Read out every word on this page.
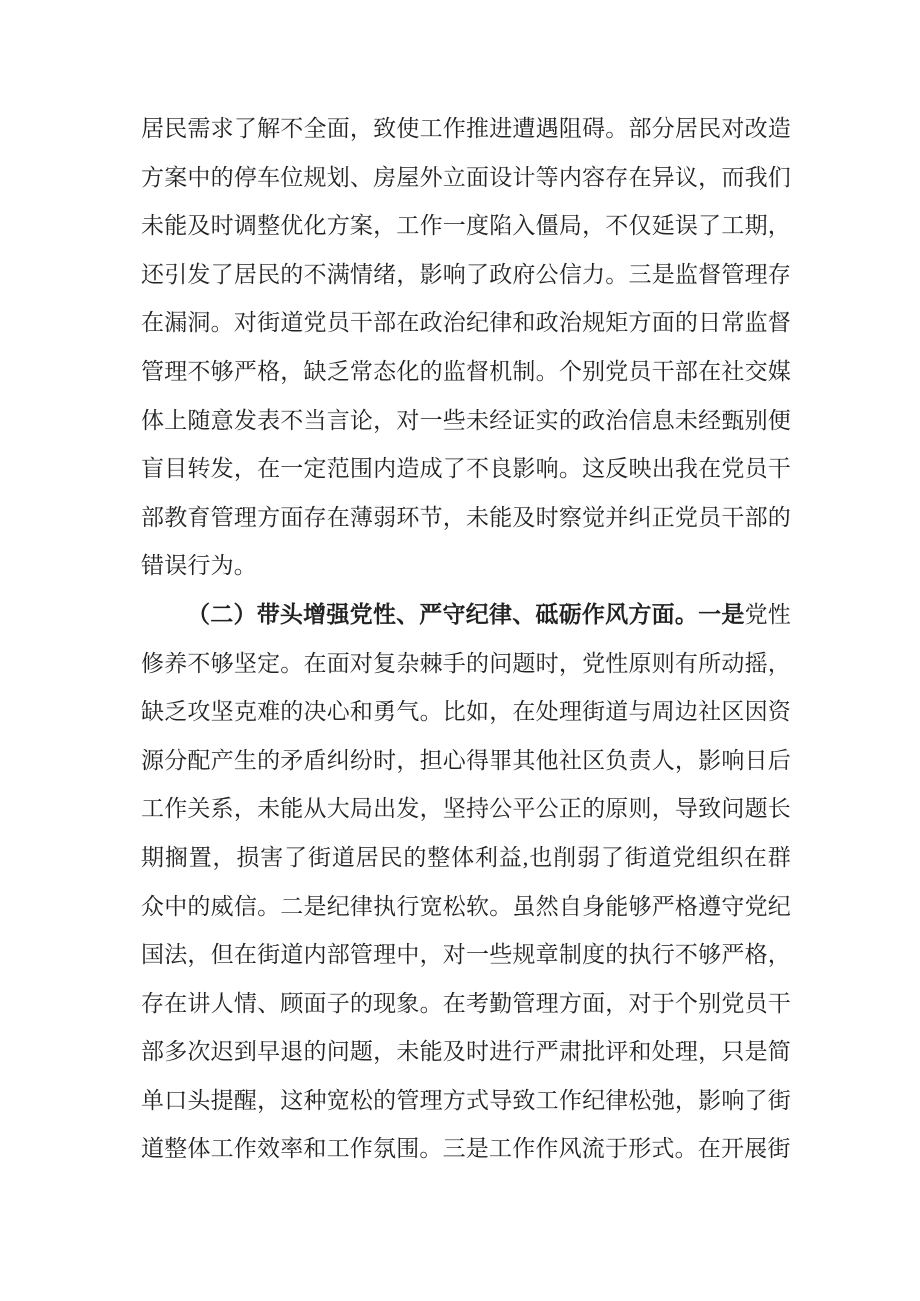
居民需求了解不全面，致使工作推进遭遇阻碍。部分居民对改造方案中的停车位规划、房屋外立面设计等内容存在异议，而我们未能及时调整优化方案，工作一度陷入僵局，不仅延误了工期，还引发了居民的不满情绪，影响了政府公信力。三是监督管理存在漏洞。对街道党员干部在政治纪律和政治规矩方面的日常监督管理不够严格，缺乏常态化的监督机制。个别党员干部在社交媒体上随意发表不当言论，对一些未经证实的政治信息未经甄别便盲目转发，在一定范围内造成了不良影响。这反映出我在党员干部教育管理方面存在薄弱环节，未能及时察觉并纠正党员干部的错误行为。

（二）带头增强党性、严守纪律、砥砺作风方面。一是党性修养不够坚定。在面对复杂棘手的问题时，党性原则有所动摇，缺乏攻坚克难的决心和勇气。比如，在处理街道与周边社区因资源分配产生的矛盾纠纷时，担心得罪其他社区负责人，影响日后工作关系，未能从大局出发，坚持公平公正的原则，导致问题长期搁置，损害了街道居民的整体利益,也削弱了街道党组织在群众中的威信。二是纪律执行宽松软。虽然自身能够严格遵守党纪国法，但在街道内部管理中，对一些规章制度的执行不够严格，存在讲人情、顾面子的现象。在考勤管理方面，对于个别党员干部多次迟到早退的问题，未能及时进行严肃批评和处理，只是简单口头提醒，这种宽松的管理方式导致工作纪律松弛，影响了街道整体工作效率和工作氛围。三是工作作风流于形式。在开展街
